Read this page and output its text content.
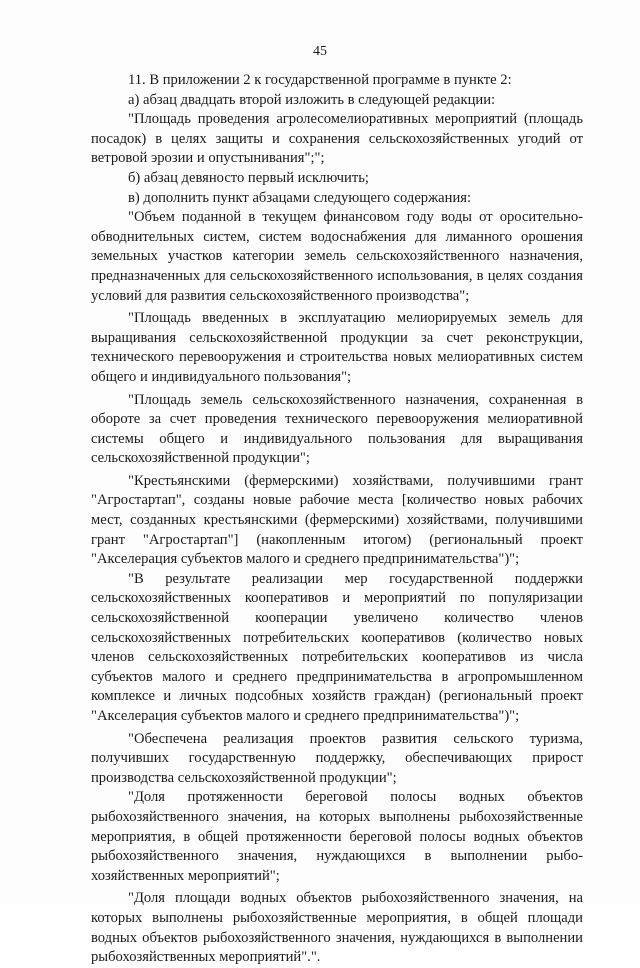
45

11. В приложении 2 к государственной программе в пункте 2:

а) абзац двадцать второй изложить в следующей редакции:

"Площадь проведения агролесомелиоративных мероприятий (площадь посадок) в целях защиты и сохранения сельскохозяйственных угодий от ветровой эрозии и опустынивания";";

б) абзац девяносто первый исключить;

в) дополнить пункт абзацами следующего содержания:

"Объем поданной в текущем финансовом году воды от оросительно-обводнительных систем, систем водоснабжения для лиманного орошения земельных участков категории земель сельскохозяйственного назначения, предназначенных для сельскохозяйственного использования, в целях создания условий для развития сельскохозяйственного производства";

"Площадь введенных в эксплуатацию мелиорируемых земель для выращивания сельскохозяйственной продукции за счет реконструкции, технического перевооружения и строительства новых мелиоративных систем общего и индивидуального пользования";

"Площадь земель сельскохозяйственного назначения, сохраненная в обороте за счет проведения технического перевооружения мелиоративной системы общего и индивидуального пользования для выращивания сельскохозяйственной продукции";

"Крестьянскими (фермерскими) хозяйствами, получившими грант "Агростартап", созданы новые рабочие места [количество новых рабочих мест, созданных крестьянскими (фермерскими) хозяйствами, получившими грант "Агростартап"] (накопленным итогом) (региональный проект "Акселерация субъектов малого и среднего предпринимательства")";

"В результате реализации мер государственной поддержки сельскохозяйственных кооперативов и мероприятий по популяризации сельскохозяйственной кооперации увеличено количество членов сельскохозяйственных потребительских кооперативов (количество новых членов сельскохозяйственных потребительских кооперативов из числа субъектов малого и среднего предпринимательства в агропромышленном комплексе и личных подсобных хозяйств граждан) (региональный проект "Акселерация субъектов малого и среднего предпринимательства")";

"Обеспечена реализация проектов развития сельского туризма, получивших государственную поддержку, обеспечивающих прирост производства сельскохозяйственной продукции";

"Доля протяженности береговой полосы водных объектов рыбохозяйственного значения, на которых выполнены рыбохозяйственные мероприятия, в общей протяженности береговой полосы водных объектов рыбохозяйственного значения, нуждающихся в выполнении рыбо-хозяйственных мероприятий";

"Доля площади водных объектов рыбохозяйственного значения, на которых выполнены рыбохозяйственные мероприятия, в общей площади водных объектов рыбохозяйственного значения, нуждающихся в выполнении рыбохозяйственных мероприятий".".
